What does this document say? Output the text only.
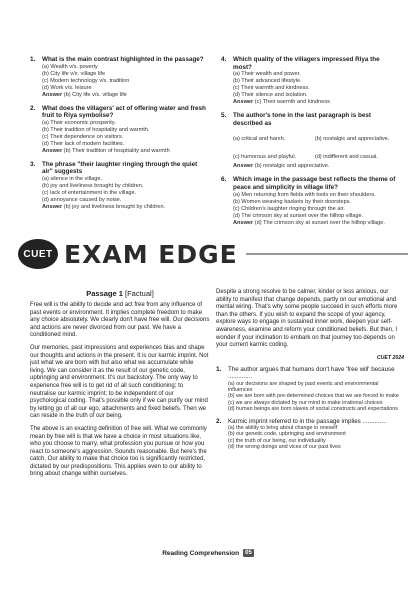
1.	What is the main contrast highlighted in the passage?
(a) Wealth v/s. poverty
(b) City life v/s. village life
(c) Modern technology v/s. tradition
(d) Work v/s. leisure
Answer (b) City life v/s. village life
2.	What does the villagers' act of offering water and fresh fruit to Riya symbolise?
(a) Their economic prosperity.
(b) Their tradition of hospitality and warmth.
(c) Their dependence on visitors.
(d) Their lack of modern facilities.
Answer (b) Their tradition of hospitality and warmth
3.	The phrase "their laughter ringing through the quiet air" suggests
(a) silence in the village.
(b) joy and liveliness brought by children.
(c) lack of entertainment in the village.
(d) annoyance caused by noise.
Answer (b) joy and liveliness brought by children.
4.	Which quality of the villagers impressed Riya the most?
(a) Their wealth and power.
(b) Their advanced lifestyle.
(c) Their warmth and kindness.
(d) Their silence and isolation.
Answer (c) Their warmth and kindness
5.	The author's tone in the last paragraph is best described as
(a) critical and harsh.	(b) nostalgic and appreciative.
(c) humorous and playful.	(d) indifferent and casual.
Answer (b) nostalgic and appreciative.
6.	Which image in the passage best reflects the theme of peace and simplicity in village life?
(a) Men returning from fields with tools on their shoulders.
(b) Women weaving baskets by their doorsteps.
(c) Children's laughter ringing through the air.
(d) The crimson sky at sunset over the hilltop village.
Answer (d) The crimson sky at sunset over the hilltop village.
CUET EXAM EDGE
Passage 1 [Factual]

Free will is the ability to decide and act free from any influence of past events or environment. It implies complete freedom to make any choice absolutely. We clearly don't have free will. Our decisions and actions are never divorced from our past. We have a conditioned mind.

Our memories, past impressions and experiences bias and shape our thoughts and actions in the present. It is our karmic imprint. Not just what we are born with but also what we accumulate while living. We can consider it as the result of our genetic code, upbringing and environment. It's our backstory. The only way to experience free will is to get rid of all such conditioning; to neutralise our karmic imprint; to be independent of our psychological coding. That's possible only if we can purify our mind by letting go of all our ego, attachments and fixed beliefs. Then we can reside in the truth of our being.

The above is an exacting definition of free will. What we commonly mean by free will is that we have a choice in most situations like, who you choose to marry, what profession you pursue or how you react to someone's aggression. Sounds reasonable. But here's the catch. Our ability to make that choice too is significantly restricted, dictated by our predispositions. This applies even to our ability to bring about change within ourselves.

Despite a strong resolve to be calmer, kinder or less anxious, our ability to manifest that change depends, partly on our emotional and mental wiring. That's why some people succeed in such efforts more than the others. If you wish to expand the scope of your agency, explore ways to engage in sustained inner work, deepen your self-awareness, examine and reform your conditioned beliefs. But then, I wonder if your inclination to embark on that journey too depends on your current karmic coding.

CUET 2024
1.	The author argues that humans don't have 'free will' because ..............
(a) our decisions are shaped by past events and environmental influences
(b) we are born with pre-determined choices that we are forced to make
(c) we are always dictated by our mind to make irrational choices
(d) human beings are born slaves of social constructs and expectations
2.	Karmic imprint referred to in the passage implies ..............
(a) the ability to bring about change in oneself
(b) our genetic code, upbringing and environment
(c) the truth of our being, our individuality
(d) the wrong doings and vices of our past lives
Reading Comprehension	05
